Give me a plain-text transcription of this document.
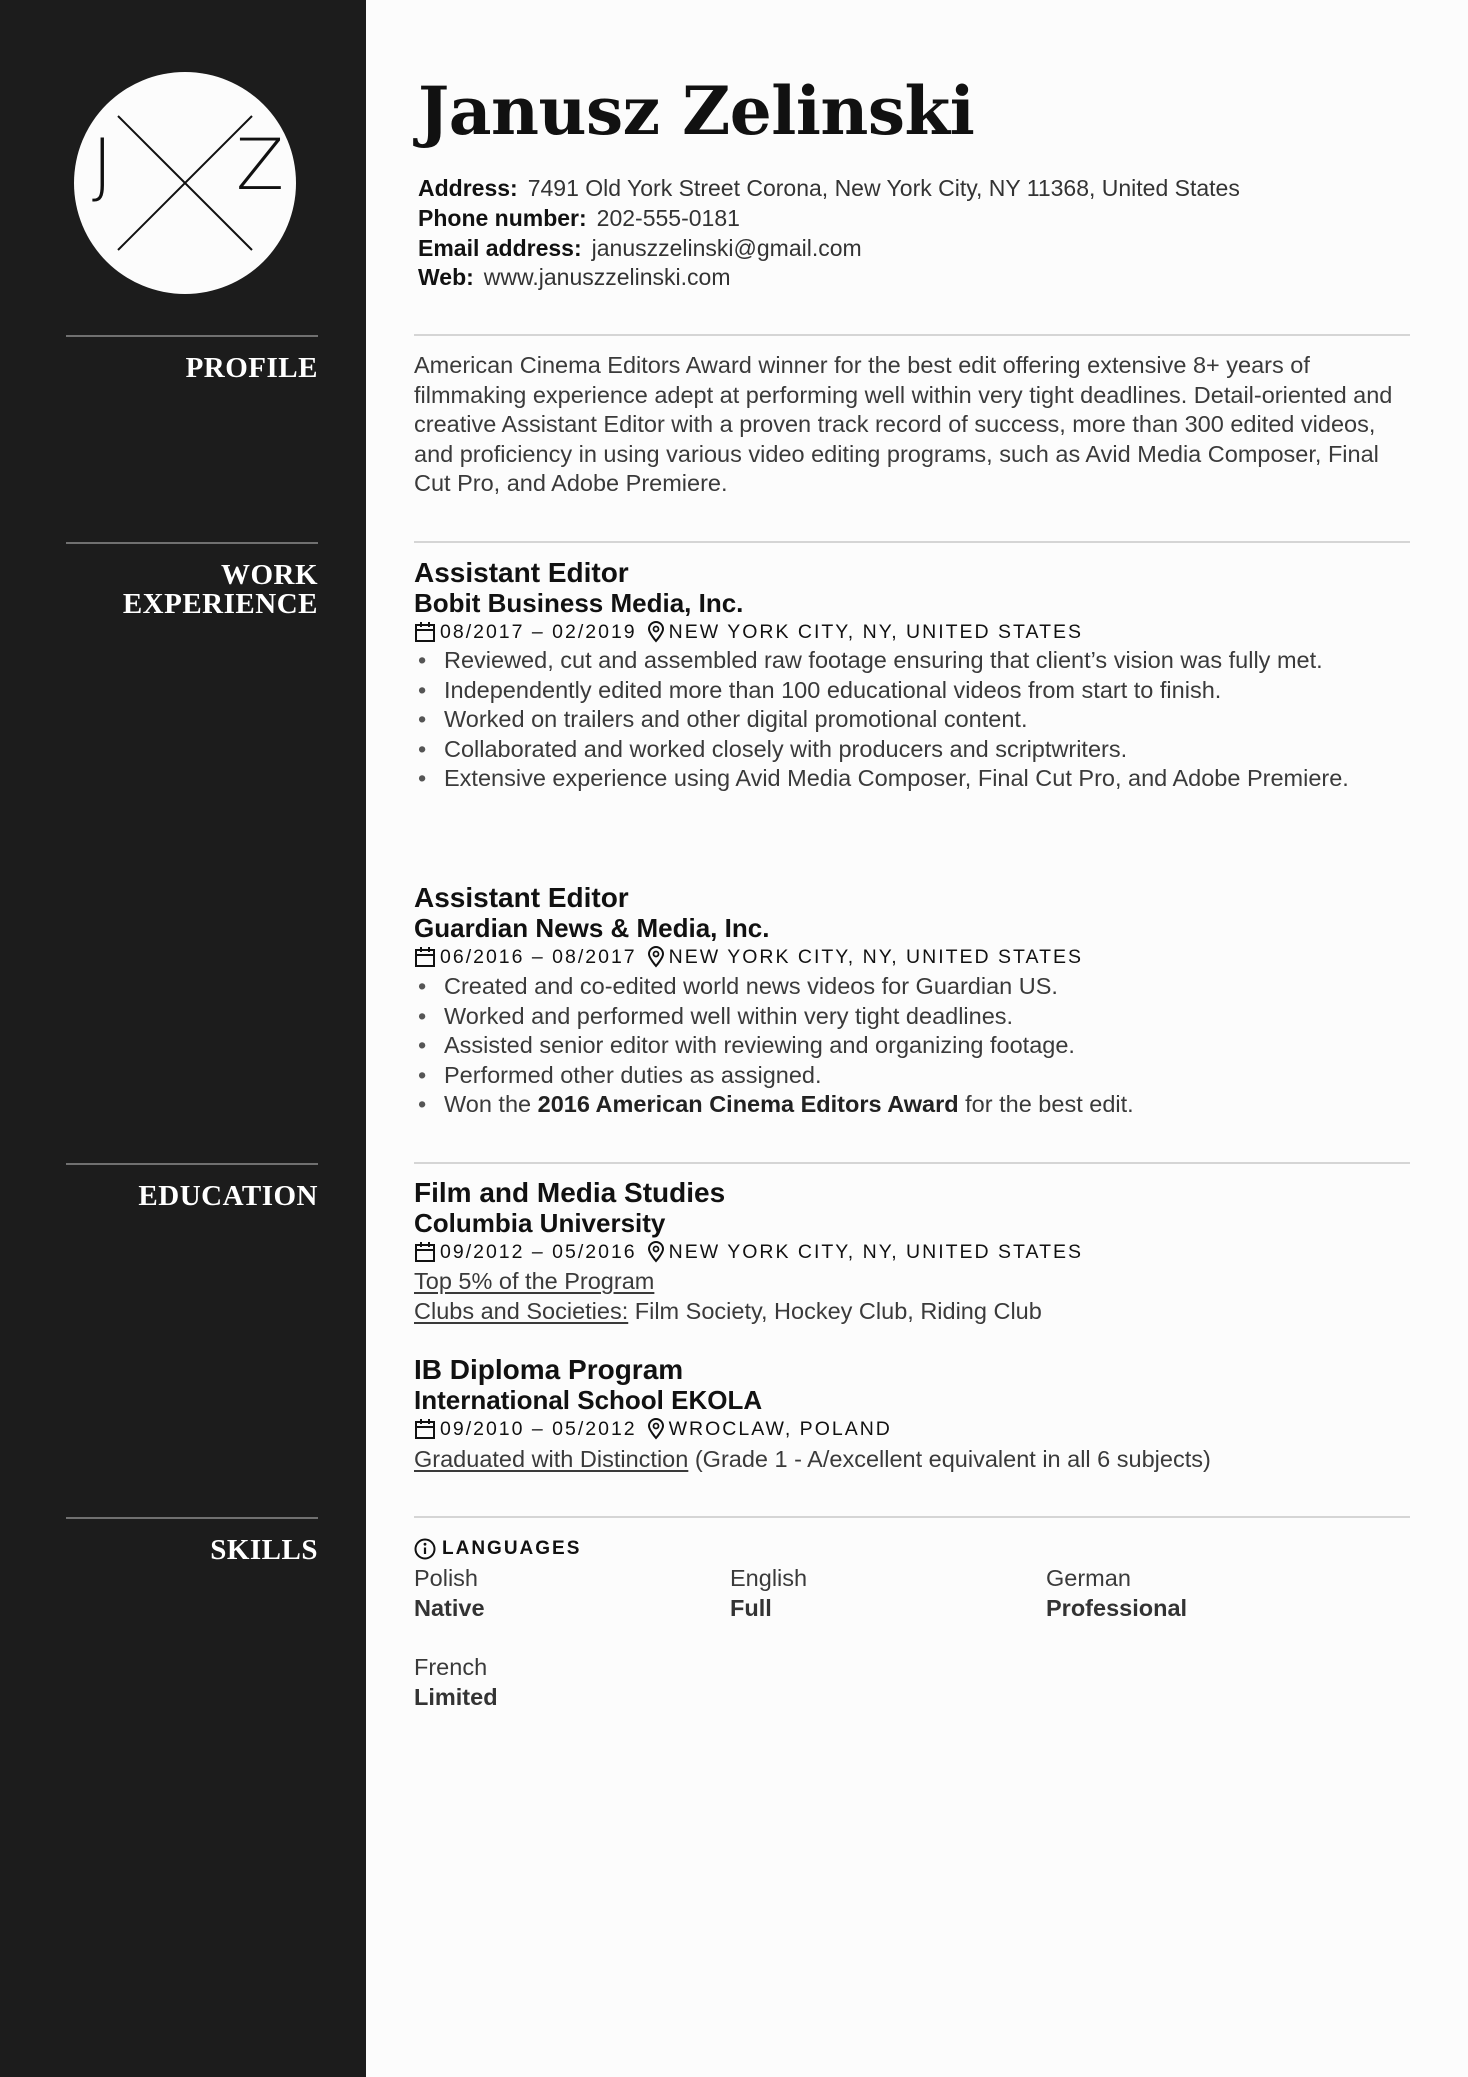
J Z
PROFILE
WORK
EXPERIENCE
EDUCATION
SKILLS
Janusz Zelinski
Address: 7491 Old York Street Corona, New York City, NY 11368, United States
Phone number: 202-555-0181
Email address: januszzelinski@gmail.com
Web: www.januszzelinski.com
American Cinema Editors Award winner for the best edit offering extensive 8+ years of filmmaking experience adept at performing well within very tight deadlines. Detail-oriented and creative Assistant Editor with a proven track record of success, more than 300 edited videos, and proficiency in using various video editing programs, such as Avid Media Composer, Final Cut Pro, and Adobe Premiere.
Assistant Editor
Bobit Business Media, Inc.
08/2017 – 02/2019 NEW YORK CITY, NY, UNITED STATES
• Reviewed, cut and assembled raw footage ensuring that client’s vision was fully met.
• Independently edited more than 100 educational videos from start to finish.
• Worked on trailers and other digital promotional content.
• Collaborated and worked closely with producers and scriptwriters.
• Extensive experience using Avid Media Composer, Final Cut Pro, and Adobe Premiere.
Assistant Editor
Guardian News & Media, Inc.
06/2016 – 08/2017 NEW YORK CITY, NY, UNITED STATES
• Created and co-edited world news videos for Guardian US.
• Worked and performed well within very tight deadlines.
• Assisted senior editor with reviewing and organizing footage.
• Performed other duties as assigned.
• Won the 2016 American Cinema Editors Award for the best edit.
Film and Media Studies
Columbia University
09/2012 – 05/2016 NEW YORK CITY, NY, UNITED STATES
Top 5% of the Program
Clubs and Societies: Film Society, Hockey Club, Riding Club
IB Diploma Program
International School EKOLA
09/2010 – 05/2012 WROCLAW, POLAND
Graduated with Distinction (Grade 1 - A/excellent equivalent in all 6 subjects)
LANGUAGES
Polish
Native
English
Full
German
Professional
French
Limited
